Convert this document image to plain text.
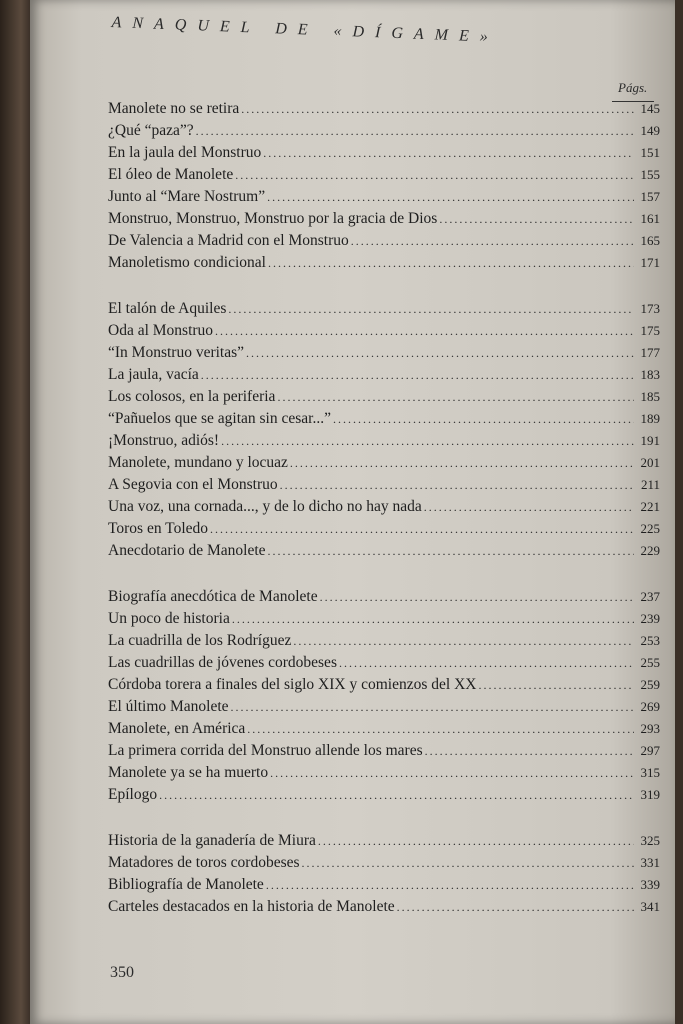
ANAQUEL DE «DÍGAME»
Págs.
Manolete no se retira .....	145
¿Qué “paza”? .....	149
En la jaula del Monstruo .....	151
El óleo de Manolete .....	155
Junto al “Mare Nostrum” .....	157
Monstruo, Monstruo, Monstruo por la gracia de Dios .....	161
De Valencia a Madrid con el Monstruo .....	165
Manoletismo condicional .....	171
El talón de Aquiles .....	173
Oda al Monstruo .....	175
“In Monstruo veritas” .....	177
La jaula, vacía .....	183
Los colosos, en la periferia .....	185
“Pañuelos que se agitan sin cesar...” .....	189
¡Monstruo, adiós! .....	191
Manolete, mundano y locuaz .....	201
A Segovia con el Monstruo .....	211
Una voz, una cornada..., y de lo dicho no hay nada .....	221
Toros en Toledo .....	225
Anecdotario de Manolete .....	229
Biografía anecdótica de Manolete .....	237
Un poco de historia .....	239
La cuadrilla de los Rodríguez .....	253
Las cuadrillas de jóvenes cordobeses .....	255
Córdoba torera a finales del siglo XIX y comienzos del XX .....	259
El último Manolete .....	269
Manolete, en América .....	293
La primera corrida del Monstruo allende los mares .....	297
Manolete ya se ha muerto .....	315
Epílogo .....	319
Historia de la ganadería de Miura .....	325
Matadores de toros cordobeses .....	331
Bibliografía de Manolete .....	339
Carteles destacados en la historia de Manolete .....	341
350
